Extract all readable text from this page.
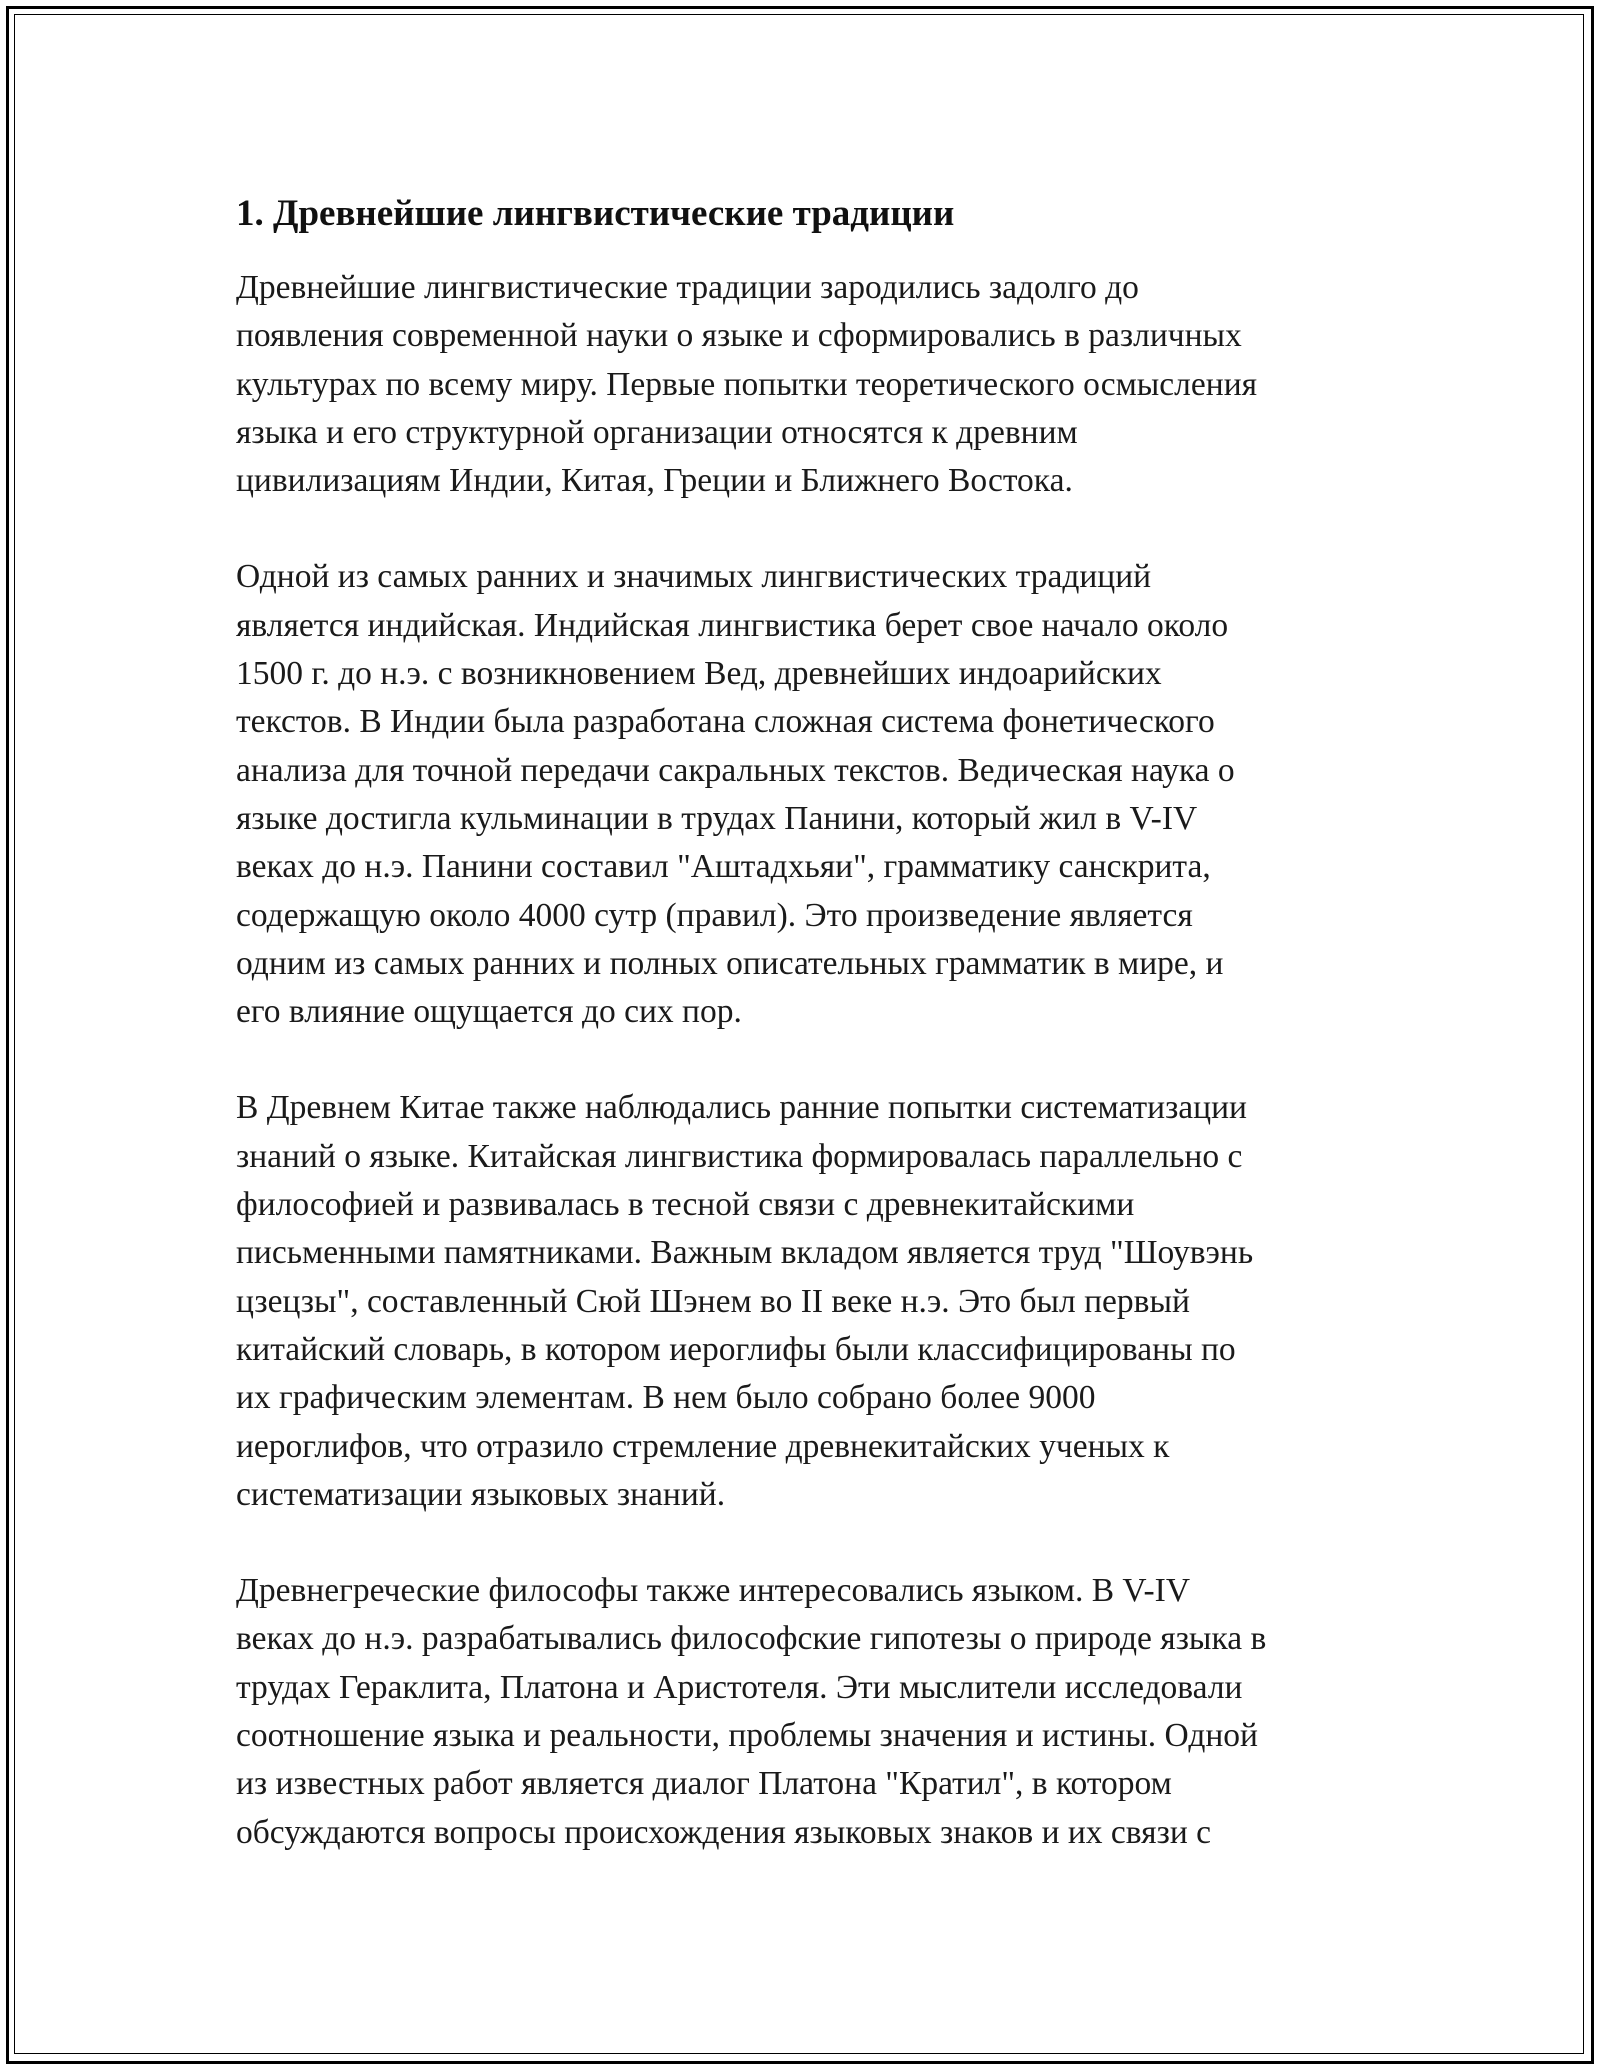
1. Древнейшие лингвистические традиции

Древнейшие лингвистические традиции зародились задолго до
появления современной науки о языке и сформировались в различных
культурах по всему миру. Первые попытки теоретического осмысления
языка и его структурной организации относятся к древним
цивилизациям Индии, Китая, Греции и Ближнего Востока.

Одной из самых ранних и значимых лингвистических традиций
является индийская. Индийская лингвистика берет свое начало около
1500 г. до н.э. с возникновением Вед, древнейших индоарийских
текстов. В Индии была разработана сложная система фонетического
анализа для точной передачи сакральных текстов. Ведическая наука о
языке достигла кульминации в трудах Панини, который жил в V-IV
веках до н.э. Панини составил "Аштадхьяи", грамматику санскрита,
содержащую около 4000 сутр (правил). Это произведение является
одним из самых ранних и полных описательных грамматик в мире, и
его влияние ощущается до сих пор.

В Древнем Китае также наблюдались ранние попытки систематизации
знаний о языке. Китайская лингвистика формировалась параллельно с
философией и развивалась в тесной связи с древнекитайскими
письменными памятниками. Важным вкладом является труд "Шоувэнь
цзецзы", составленный Сюй Шэнем во II веке н.э. Это был первый
китайский словарь, в котором иероглифы были классифицированы по
их графическим элементам. В нем было собрано более 9000
иероглифов, что отразило стремление древнекитайских ученых к
систематизации языковых знаний.

Древнегреческие философы также интересовались языком. В V-IV
веках до н.э. разрабатывались философские гипотезы о природе языка в
трудах Гераклита, Платона и Аристотеля. Эти мыслители исследовали
соотношение языка и реальности, проблемы значения и истины. Одной
из известных работ является диалог Платона "Кратил", в котором
обсуждаются вопросы происхождения языковых знаков и их связи с
